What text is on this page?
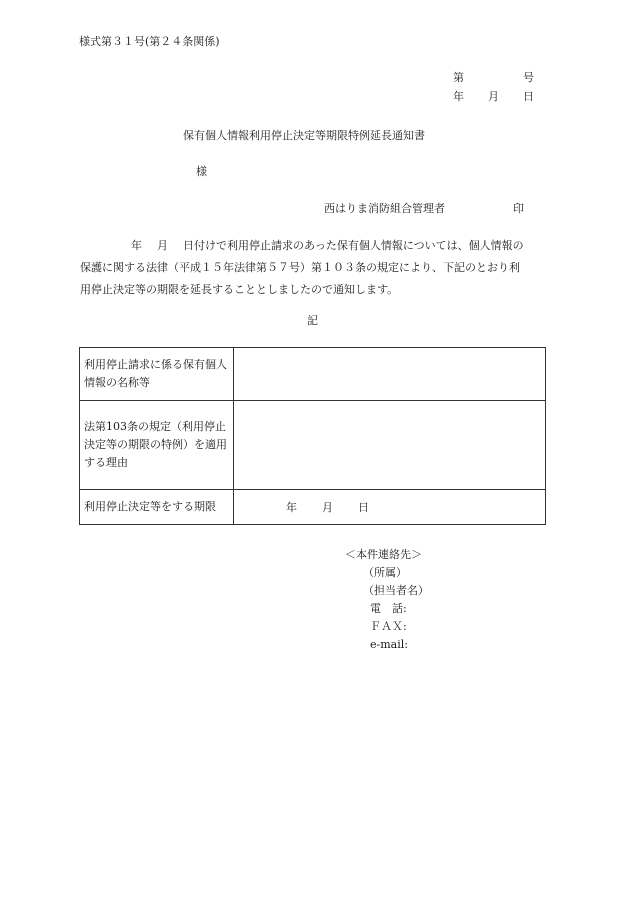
様式第３１号(第２４条関係)
第	号
年 月 日
保有個人情報利用停止決定等期限特例延長通知書
様
西はりま消防組合管理者	印

年 月 日付けで利用停止請求のあった保有個人情報については、個人情報の

保護に関する法律（平成１５年法律第５７号）第１０３条の規定により、下記のとおり利

用停止決定等の期限を延長することとしましたので通知します。

記
利用停止請求に係る保有個人情報の名称等	
法第103条の規定（利用停止決定等の期限の特例）を適用する理由	
利用停止決定等をする期限	年 月 日
＜本件連絡先＞
（所属）
（担当者名）
電　話:
ＦＡＸ:
e-mail:
